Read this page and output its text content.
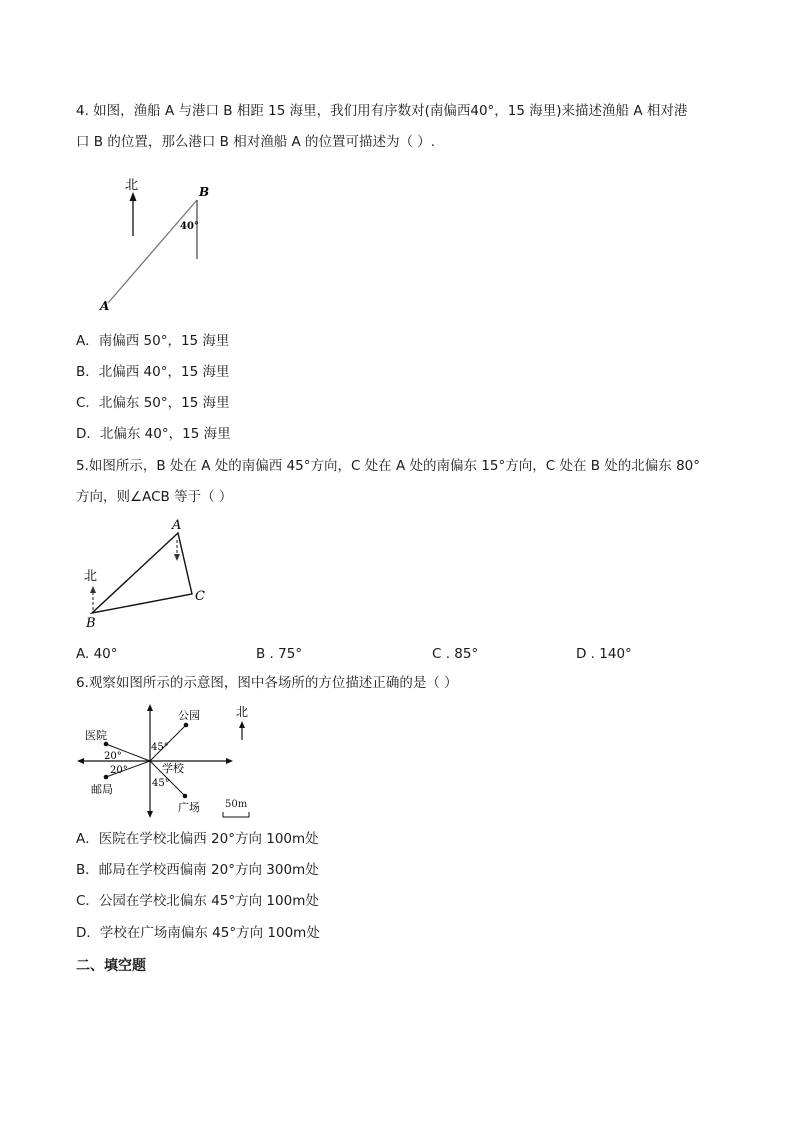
4. 如图，渔船 A 与港口 B 相距 15 海里，我们用有序数对(南偏西40°，15 海里)来描述渔船 A 相对港
口 B 的位置，那么港口 B 相对渔船 A 的位置可描述为（ ）.
北
40°
A
B
A．南偏西 50°，15 海里
B．北偏西 40°，15 海里
C．北偏东 50°，15 海里
D．北偏东 40°，15 海里
5.如图所示，B 处在 A 处的南偏西 45°方向，C 处在 A 处的南偏东 15°方向，C 处在 B 处的北偏东 80°
方向，则∠ACB 等于（ ）
北
A
B
C
A. 40°	B . 75°	C . 85°	D . 140°
6.观察如图所示的示意图，图中各场所的方位描述正确的是（ ）
公园
医院
邮局
学校
广场
45°
45°
20°
20°
北
50m
A．医院在学校北偏西 20°方向 100m处
B．邮局在学校西偏南 20°方向 300m处
C．公园在学校北偏东 45°方向 100m处
D．学校在广场南偏东 45°方向 100m处
二、填空题
